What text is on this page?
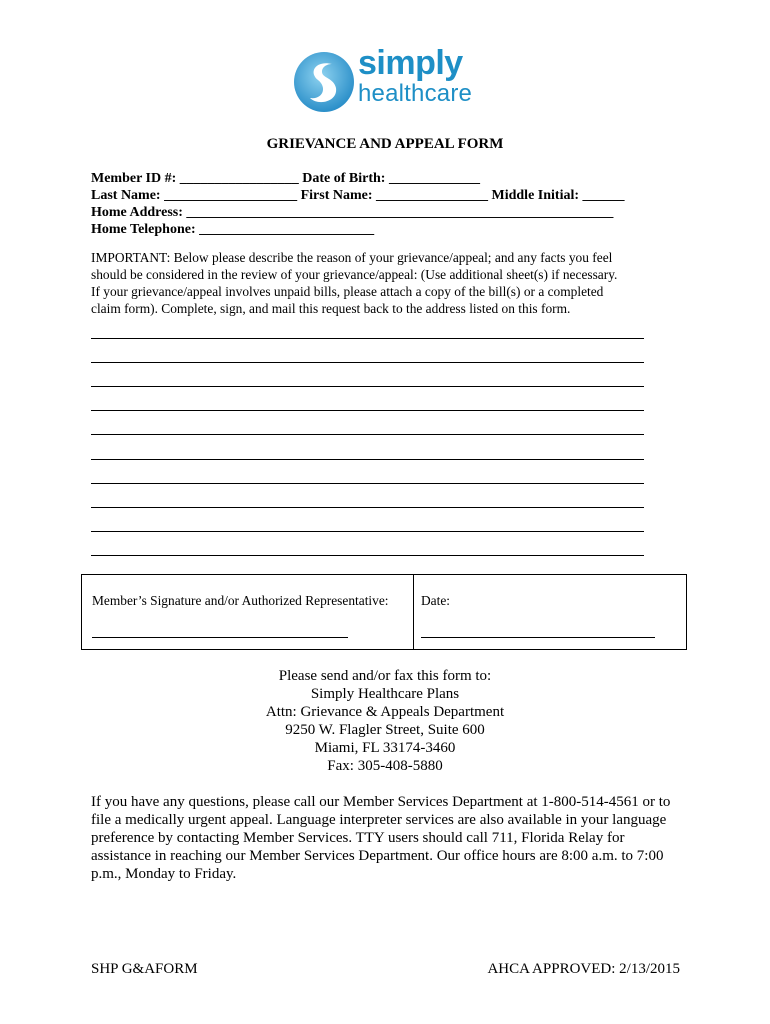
simply
healthcare
GRIEVANCE AND APPEAL FORM
Member ID #: _________________ Date of Birth: _____________
Last Name: ___________________ First Name: ________________ Middle Initial: ______
Home Address: _____________________________________________________________
Home Telephone: _________________________
IMPORTANT: Below please describe the reason of your grievance/appeal; and any facts you feel
should be considered in the review of your grievance/appeal: (Use additional sheet(s) if necessary.
If your grievance/appeal involves unpaid bills, please attach a copy of the bill(s) or a completed
claim form). Complete, sign, and mail this request back to the address listed on this form.
Member’s Signature and/or Authorized Representative: Date:
Please send and/or fax this form to:
Simply Healthcare Plans
Attn: Grievance & Appeals Department
9250 W. Flagler Street, Suite 600
Miami, FL 33174-3460
Fax: 305-408-5880
If you have any questions, please call our Member Services Department at 1-800-514-4561 or to
file a medically urgent appeal. Language interpreter services are also available in your language
preference by contacting Member Services. TTY users should call 711, Florida Relay for
assistance in reaching our Member Services Department. Our office hours are 8:00 a.m. to 7:00
p.m., Monday to Friday.
SHP G&AFORM	AHCA APPROVED: 2/13/2015
